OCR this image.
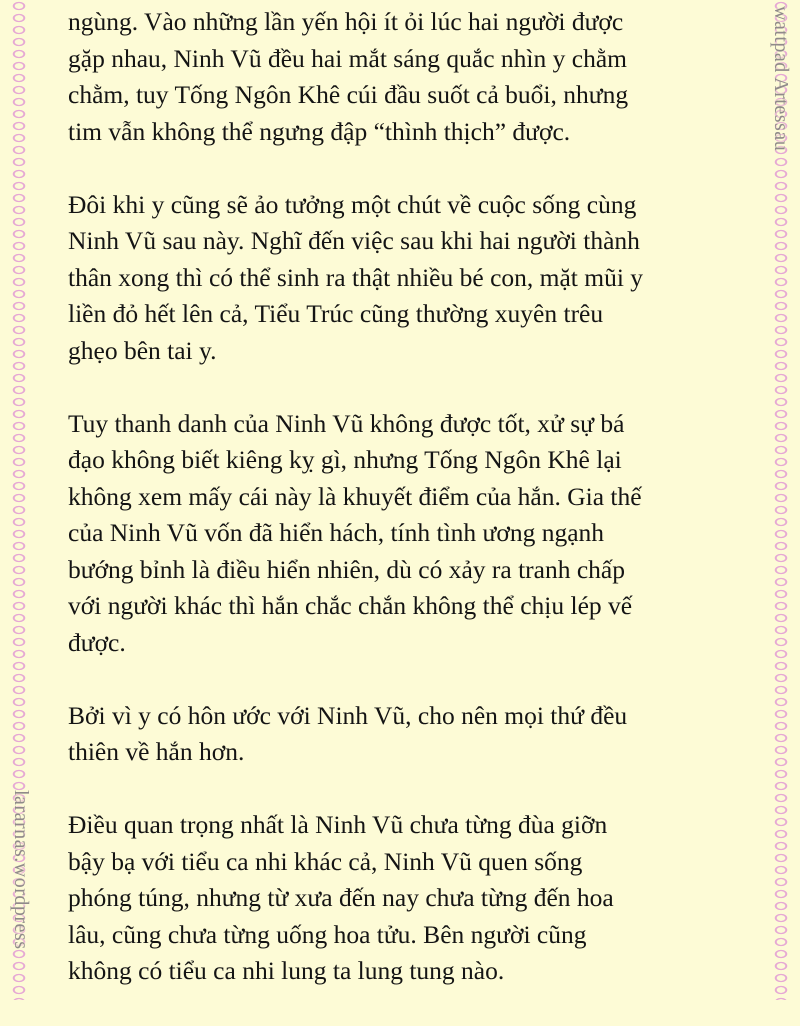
wattpad Artessau
lararnas.wordpress

ngùng. Vào những lần yến hội ít ỏi lúc hai người được
gặp nhau, Ninh Vũ đều hai mắt sáng quắc nhìn y chằm
chằm, tuy Tống Ngôn Khê cúi đầu suốt cả buổi, nhưng
tim vẫn không thể ngưng đập “thình thịch” được.

Đôi khi y cũng sẽ ảo tưởng một chút về cuộc sống cùng
Ninh Vũ sau này. Nghĩ đến việc sau khi hai người thành
thân xong thì có thể sinh ra thật nhiều bé con, mặt mũi y
liền đỏ hết lên cả, Tiểu Trúc cũng thường xuyên trêu
ghẹo bên tai y.

Tuy thanh danh của Ninh Vũ không được tốt, xử sự bá
đạo không biết kiêng kỵ gì, nhưng Tống Ngôn Khê lại
không xem mấy cái này là khuyết điểm của hắn. Gia thế
của Ninh Vũ vốn đã hiển hách, tính tình ương ngạnh
bướng bỉnh là điều hiển nhiên, dù có xảy ra tranh chấp
với người khác thì hắn chắc chắn không thể chịu lép vế
được.

Bởi vì y có hôn ước với Ninh Vũ, cho nên mọi thứ đều
thiên về hắn hơn.

Điều quan trọng nhất là Ninh Vũ chưa từng đùa giỡn
bậy bạ với tiểu ca nhi khác cả, Ninh Vũ quen sống
phóng túng, nhưng từ xưa đến nay chưa từng đến hoa
lâu, cũng chưa từng uống hoa tửu. Bên người cũng
không có tiểu ca nhi lung ta lung tung nào.
